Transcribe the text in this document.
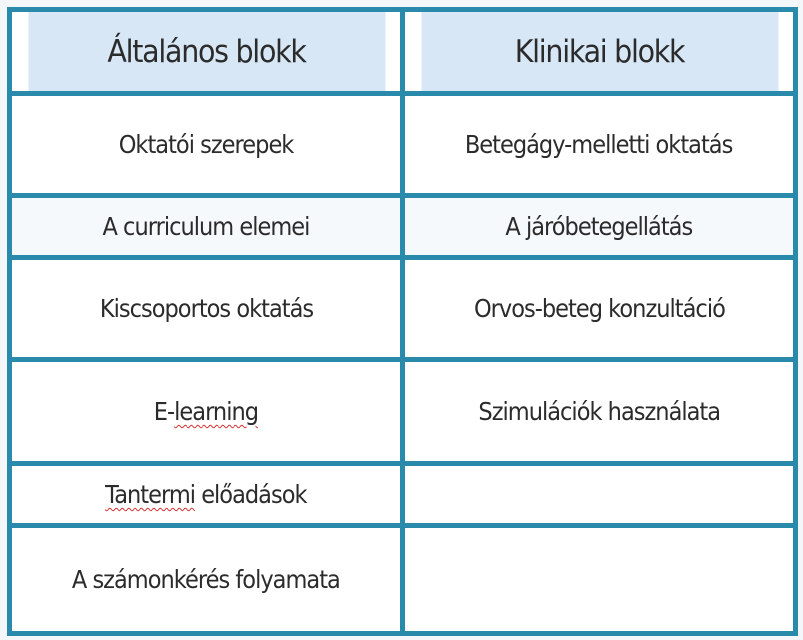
Általános blokk	Klinikai blokk
Oktatói szerepek	Betegágy-melletti oktatás
A curriculum elemei	A járóbetegellátás
Kiscsoportos oktatás	Orvos-beteg konzultáció
E-learning	Szimulációk használata
Tantermi előadások	
A számonkérés folyamata	
